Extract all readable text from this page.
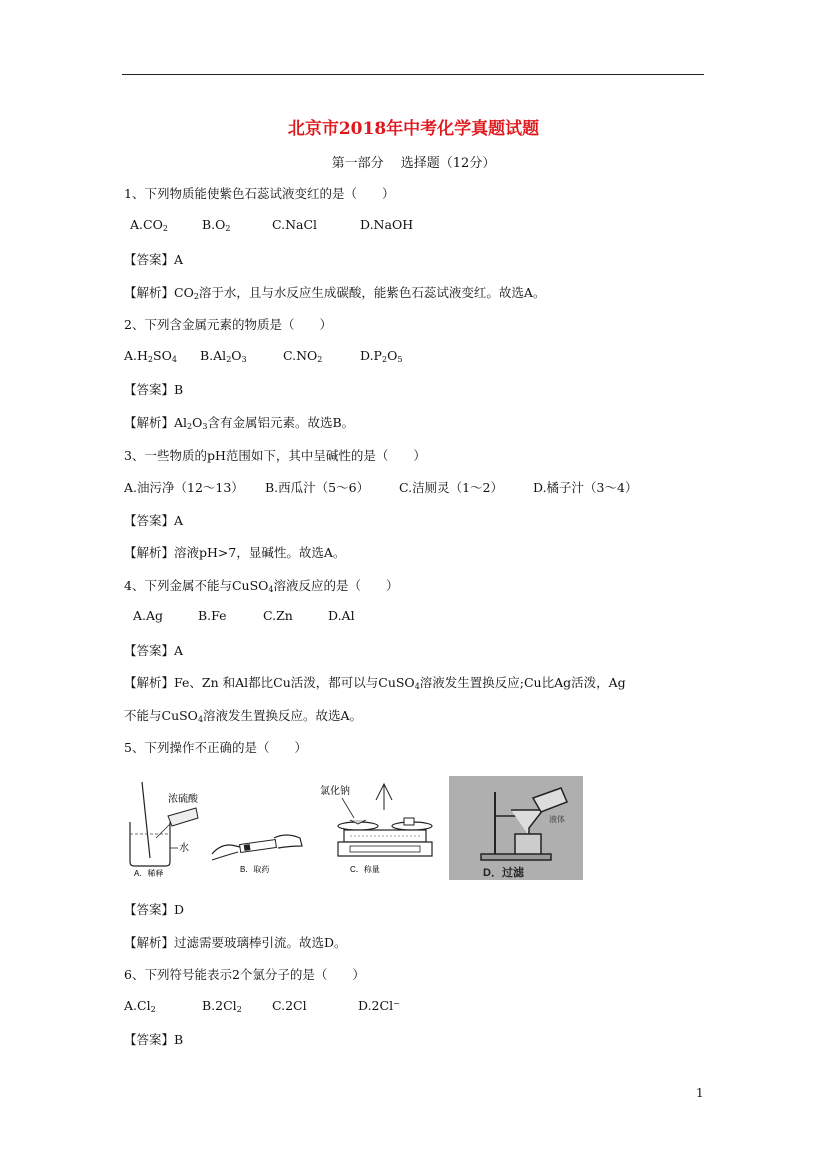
北京市2018年中考化学真题试题
第一部分　 选择题（12分）
1、下列物质能使紫色石蕊试液变红的是（　　）
$A.CO_2$	$B.O_2$	C.NaCl	D.NaOH
【答案】A
【解析】$CO_2$溶于水，且与水反应生成碳酸，能紫色石蕊试液变红。故选A。
2、下列含金属元素的物质是（　　）
$A.H_2SO_4$ $B.Al_2O_3$	$C.NO_2$	$D.P_2O_5$
【答案】B
【解析】$Al_2O_3$含有金属铝元素。故选B。
3、一些物质的pH范围如下，其中呈碱性的是（　　）
A.油污净（12～13） B.西瓜汁（5～6） C.洁厕灵（1～2） D.橘子汁（3～4）
【答案】A
【解析】溶液pH>7，显碱性。故选A。
4、下列金属不能与CuSO$_4$溶液反应的是（　　）
A.Ag	B.Fe	C.Zn	D.Al
【答案】A
【解析】Fe、Zn 和Al都比Cu活泼，都可以与CuSO$_4$溶液发生置换反应;Cu比Ag活泼，Ag
不能与CuSO$_4$溶液发生置换反应。故选A。
5、下列操作不正确的是（　　）
浓硫酸
水
A．稀释	B．取药
氯化钠
C．称量
液体
D．过滤
【答案】D
【解析】过滤需要玻璃棒引流。故选D。
6、下列符号能表示2个氯分子的是（　　）
$A.Cl_2$	$B.2Cl_2$ C.2Cl	D.2Cl−
【答案】B
1
